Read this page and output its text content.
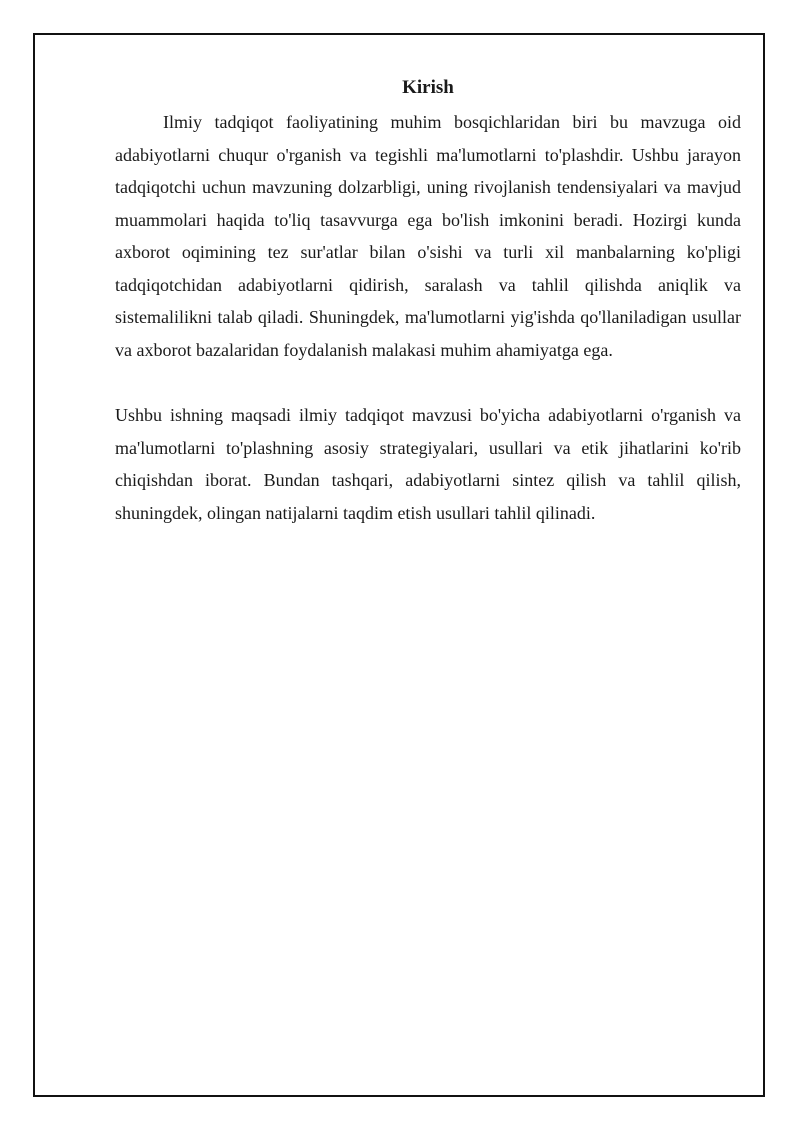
Kirish

Ilmiy tadqiqot faoliyatining muhim bosqichlaridan biri bu mavzuga oid adabiyotlarni chuqur o'rganish va tegishli ma'lumotlarni to'plashdir. Ushbu jarayon tadqiqotchi uchun mavzuning dolzarbligi, uning rivojlanish tendensiyalari va mavjud muammolari haqida to'liq tasavvurga ega bo'lish imkonini beradi. Hozirgi kunda axborot oqimining tez sur'atlar bilan o'sishi va turli xil manbalarning ko'pligi tadqiqotchidan adabiyotlarni qidirish, saralash va tahlil qilishda aniqlik va sistemalilikni talab qiladi. Shuningdek, ma'lumotlarni yig'ishda qo'llaniladigan usullar va axborot bazalaridan foydalanish malakasi muhim ahamiyatga ega.

Ushbu ishning maqsadi ilmiy tadqiqot mavzusi bo'yicha adabiyotlarni o'rganish va ma'lumotlarni to'plashning asosiy strategiyalari, usullari va etik jihatlarini ko'rib chiqishdan iborat. Bundan tashqari, adabiyotlarni sintez qilish va tahlil qilish, shuningdek, olingan natijalarni taqdim etish usullari tahlil qilinadi.
